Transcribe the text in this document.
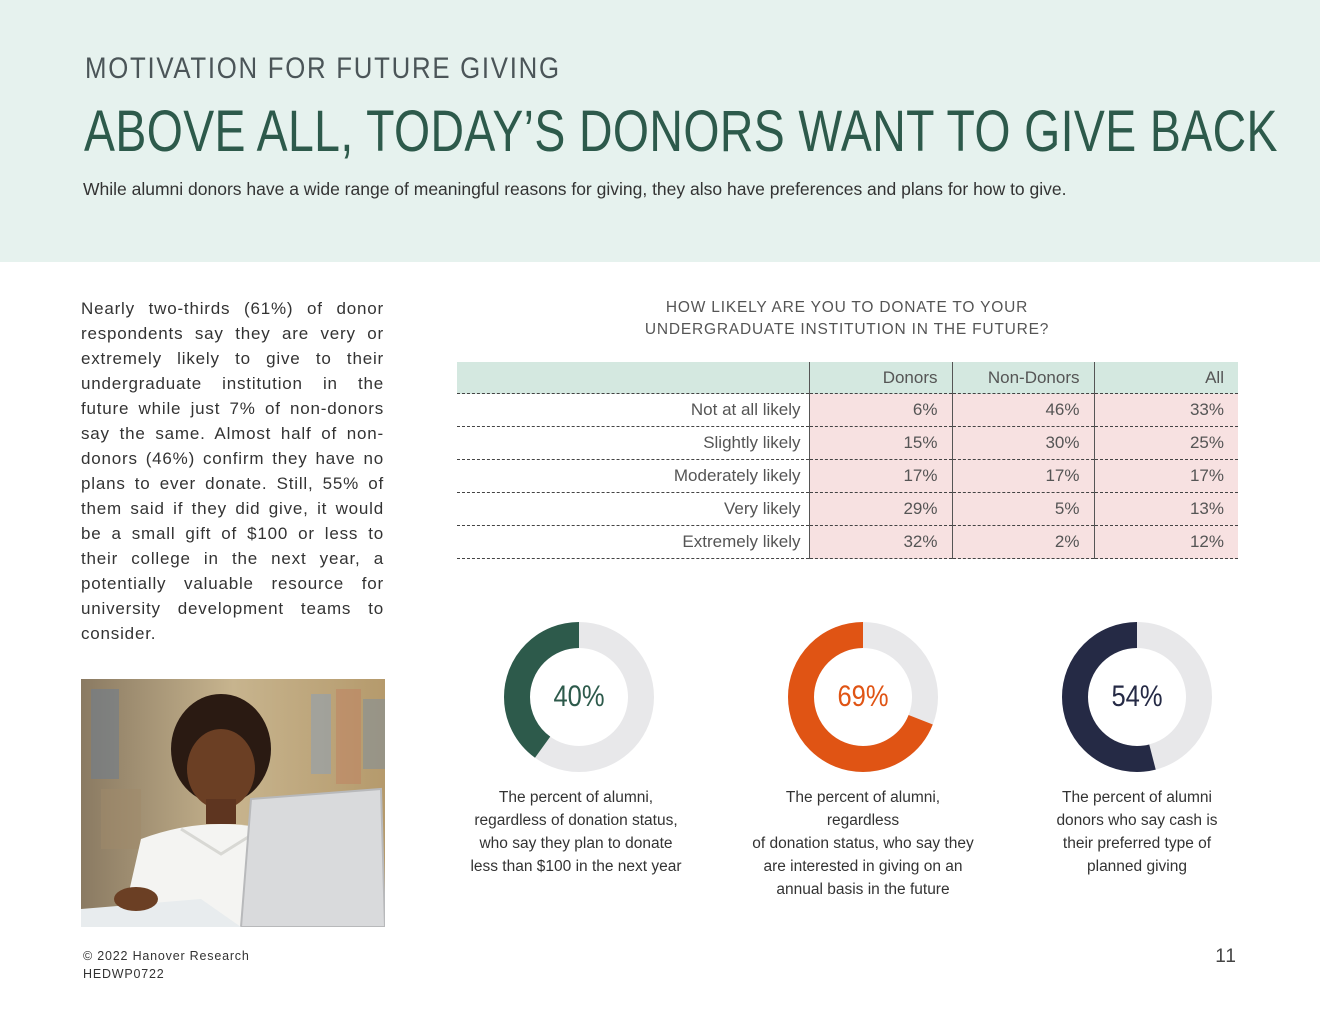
MOTIVATION FOR FUTURE GIVING
ABOVE ALL, TODAY’S DONORS WANT TO GIVE BACK
While alumni donors have a wide range of meaningful reasons for giving, they also have preferences and plans for how to give.
Nearly two-thirds (61%) of donor respondents say they are very or extremely likely to give to their undergraduate institution in the future while just 7% of non-donors say the same. Almost half of non-donors (46%) confirm they have no plans to ever donate. Still, 55% of them said if they did give, it would be a small gift of $100 or less to their college in the next year, a potentially valuable resource for university development teams to consider.
HOW LIKELY ARE YOU TO DONATE TO YOUR
UNDERGRADUATE INSTITUTION IN THE FUTURE?
	Donors	Non-Donors	All
Not at all likely	6%	46%	33%
Slightly likely	15%	30%	25%
Moderately likely	17%	17%	17%
Very likely	29%	5%	13%
Extremely likely	32%	2%	12%
40%
The percent of alumni,
regardless of donation status,
who say they plan to donate
less than $100 in the next year
69%
The percent of alumni, regardless
of donation status, who say they
are interested in giving on an
annual basis in the future
54%
The percent of alumni
donors who say cash is
their preferred type of
planned giving
© 2022 Hanover Research
HEDWP0722
11
